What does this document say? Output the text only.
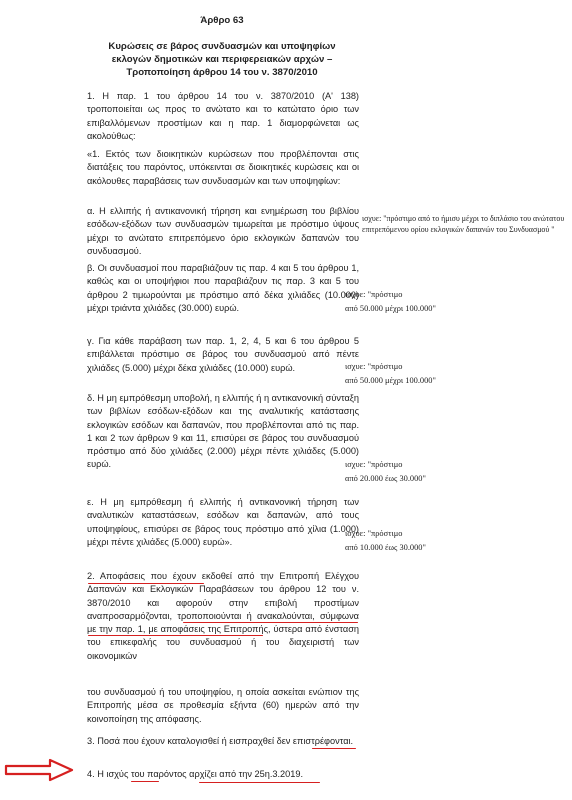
Άρθρο 63

Κυρώσεις σε βάρος συνδυασμών και υποψηφίων

εκλογών δημοτικών και περιφερειακών αρχών –

Τροποποίηση άρθρου 14 του ν. 3870/2010

1. Η παρ. 1 του άρθρου 14 του ν. 3870/2010 (Α' 138) τροποποιείται ως προς το ανώτατο και το κατώτατο όριο των επιβαλλόμενων προστίμων και η παρ. 1 διαμορφώνεται ως ακολούθως:

«1. Εκτός των διοικητικών κυρώσεων που προβλέπονται στις διατάξεις του παρόντος, υπόκεινται σε διοικητικές κυρώσεις και οι ακόλουθες παραβάσεις των συνδυασμών και των υποψηφίων:

α. Η ελλιπής ή αντικανονική τήρηση και ενημέρωση του βιβλίου εσόδων-εξόδων των συνδυασμών τιμωρείται με πρόστιμο ύψους μέχρι το ανώτατο επιτρεπόμενο όριο εκλογικών δαπανών του συνδυασμού.

β. Οι συνδυασμοί που παραβιάζουν τις παρ. 4 και 5 του άρθρου 1, καθώς και οι υποψήφιοι που παραβιάζουν τις παρ. 3 και 5 του άρθρου 2 τιμωρούνται με πρόστιμο από δέκα χιλιάδες (10.000) μέχρι τριάντα χιλιάδες (30.000) ευρώ.

γ. Για κάθε παράβαση των παρ. 1, 2, 4, 5 και 6 του άρθρου 5 επιβάλλεται πρόστιμο σε βάρος του συνδυασμού από πέντε χιλιάδες (5.000) μέχρι δέκα χιλιάδες (10.000) ευρώ.

δ. Η μη εμπρόθεσμη υποβολή, η ελλιπής ή η αντικανονική σύνταξη των βιβλίων εσόδων-εξόδων και της αναλυτικής κατάστασης εκλογικών εσόδων και δαπανών, που προβλέπονται από τις παρ. 1 και 2 των άρθρων 9 και 11, επισύρει σε βάρος του συνδυασμού πρόστιμο από δύο χιλιάδες (2.000) μέχρι πέντε χιλιάδες (5.000) ευρώ.

ε. Η μη εμπρόθεσμη ή ελλιπής ή αντικανονική τήρηση των αναλυτικών καταστάσεων, εσόδων και δαπανών, από τους υποψηφίους, επισύρει σε βάρος τους πρόστιμο από χίλια (1.000) μέχρι πέντε χιλιάδες (5.000) ευρώ».

2. Αποφάσεις που έχουν εκδοθεί από την Επιτροπή Ελέγχου Δαπανών και Εκλογικών Παραβάσεων του άρθρου 12 του ν. 3870/2010 και αφορούν στην επιβολή προστίμων αναπροσαρμόζονται, τροποποιούνται ή ανακαλούνται, σύμφωνα με την παρ. 1, με αποφάσεις της Επιτροπής, ύστερα από ένσταση του επικεφαλής του συνδυασμού ή του διαχειριστή των οικονομικών

του συνδυασμού ή του υποψηφίου, η οποία ασκείται ενώπιον της Επιτροπής μέσα σε προθεσμία εξήντα (60) ημερών από την κοινοποίηση της απόφασης.

3. Ποσά που έχουν καταλογισθεί ή εισπραχθεί δεν επιστρέφονται.

4. Η ισχύς του παρόντος αρχίζει από την 25η.3.2019.

ισχυε: "πρόστιμο από το ήμισυ μέχρι το διπλάσιο του ανώτατου επιτρεπόμενου ορίου εκλογικών δαπανών του Συνδυασμού "

ισχυε: "πρόστιμο

από 50.000 μέχρι 100.000"

ισχυε: "πρόστιμο

από 50.000 μέχρι 100.000"

ισχυε: "πρόστιμο

από 20.000 έως 30.000"

ισχυε: "πρόστιμο

από 10.000 έως 30.000"
